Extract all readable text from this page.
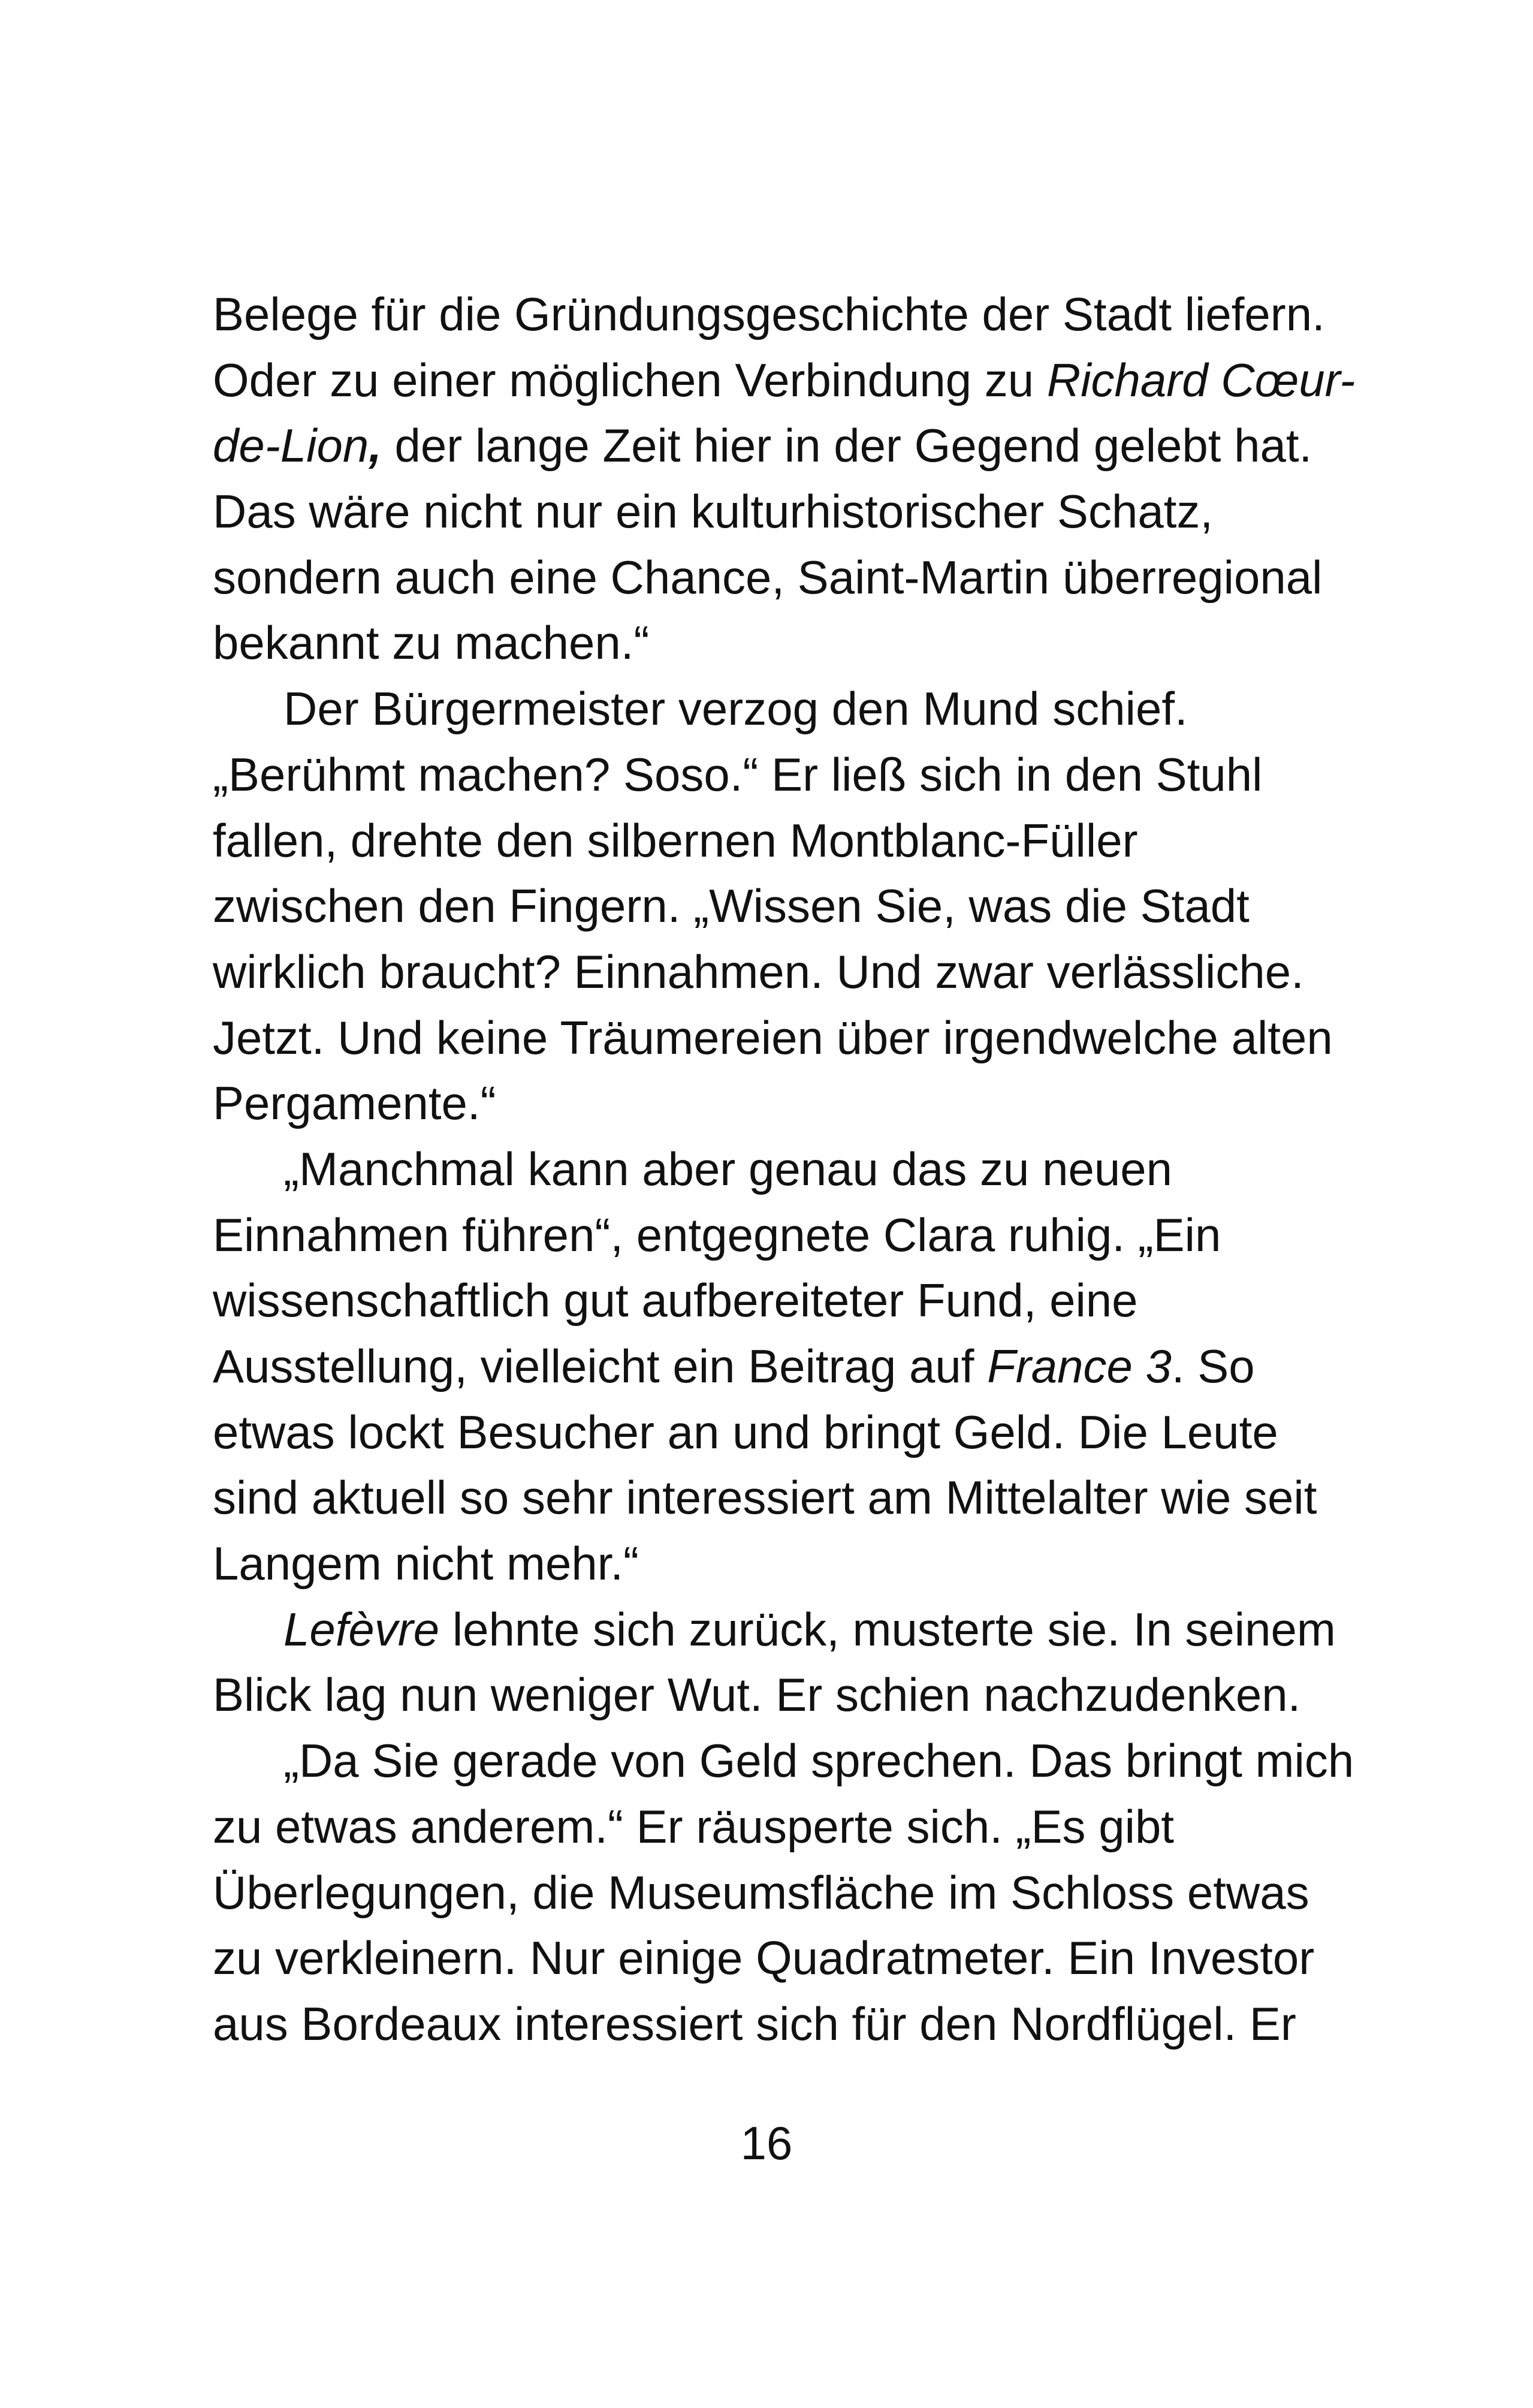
Belege für die Gründungsgeschichte der Stadt liefern.
Oder zu einer möglichen Verbindung zu Richard Cœur-
de-Lion, der lange Zeit hier in der Gegend gelebt hat.
Das wäre nicht nur ein kulturhistorischer Schatz,
sondern auch eine Chance, Saint-Martin überregional
bekannt zu machen.“
Der Bürgermeister verzog den Mund schief.
„Berühmt machen? Soso.“ Er ließ sich in den Stuhl
fallen, drehte den silbernen Montblanc-Füller
zwischen den Fingern. „Wissen Sie, was die Stadt
wirklich braucht? Einnahmen. Und zwar verlässliche.
Jetzt. Und keine Träumereien über irgendwelche alten
Pergamente.“
„Manchmal kann aber genau das zu neuen
Einnahmen führen“, entgegnete Clara ruhig. „Ein
wissenschaftlich gut aufbereiteter Fund, eine
Ausstellung, vielleicht ein Beitrag auf France 3. So
etwas lockt Besucher an und bringt Geld. Die Leute
sind aktuell so sehr interessiert am Mittelalter wie seit
Langem nicht mehr.“
Lefèvre lehnte sich zurück, musterte sie. In seinem
Blick lag nun weniger Wut. Er schien nachzudenken.
„Da Sie gerade von Geld sprechen. Das bringt mich
zu etwas anderem.“ Er räusperte sich. „Es gibt
Überlegungen, die Museumsfläche im Schloss etwas
zu verkleinern. Nur einige Quadratmeter. Ein Investor
aus Bordeaux interessiert sich für den Nordflügel. Er
16
